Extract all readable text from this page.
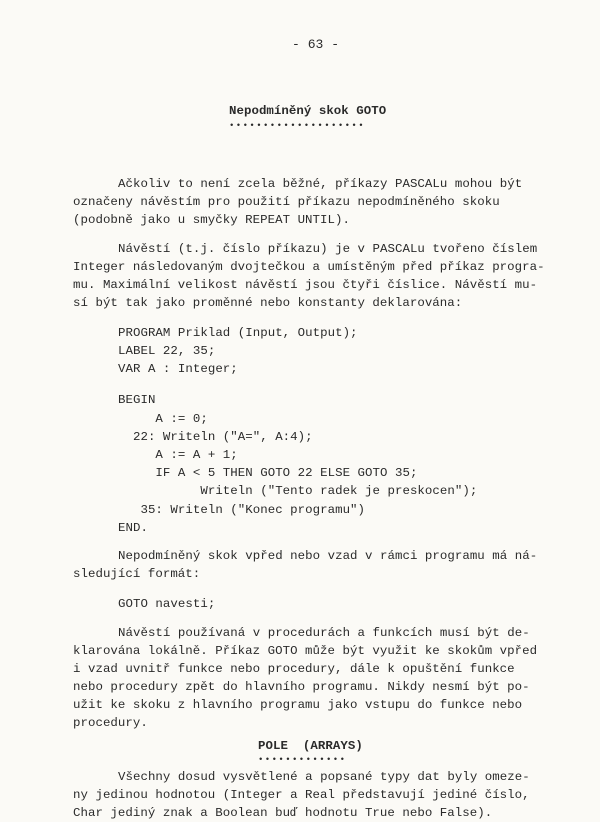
- 63 -
Nepodmíněný skok GOTO
••••••••••••••••••••
Ačkoliv to není zcela běžné, příkazy PASCALu mohou být
označeny návěstím pro použití příkazu nepodmíněného skoku
(podobně jako u smyčky REPEAT UNTIL).
Návěstí (t.j. číslo příkazu) je v PASCALu tvořeno číslem
Integer následovaným dvojtečkou a umístěným před příkaz progra-
mu. Maximální velikost návěstí jsou čtyři číslice. Návěstí mu-
sí být tak jako proměnné nebo konstanty deklarována:
PROGRAM Priklad (Input, Output);
LABEL 22, 35;
VAR A : Integer;
BEGIN
A := 0;
22: Writeln ("A=", A:4);
A := A + 1;
IF A < 5 THEN GOTO 22 ELSE GOTO 35;
Writeln ("Tento radek je preskocen");
35: Writeln ("Konec programu")
END.
Nepodmíněný skok vpřed nebo vzad v rámci programu má ná-
sledující formát:
GOTO navesti;
Návěstí používaná v procedurách a funkcích musí být de-
klarována lokálně. Příkaz GOTO může být využit ke skokům vpřed
i vzad uvnitř funkce nebo procedury, dále k opuštění funkce
nebo procedury zpět do hlavního programu. Nikdy nesmí být po-
užit ke skoku z hlavního programu jako vstupu do funkce nebo
procedury.
POLE  (ARRAYS)
•••••••••••••
Všechny dosud vysvětlené a popsané typy dat byly omeze-
ny jedinou hodnotou (Integer a Real představují jediné číslo,
Char jediný znak a Boolean buď hodnotu True nebo False).
